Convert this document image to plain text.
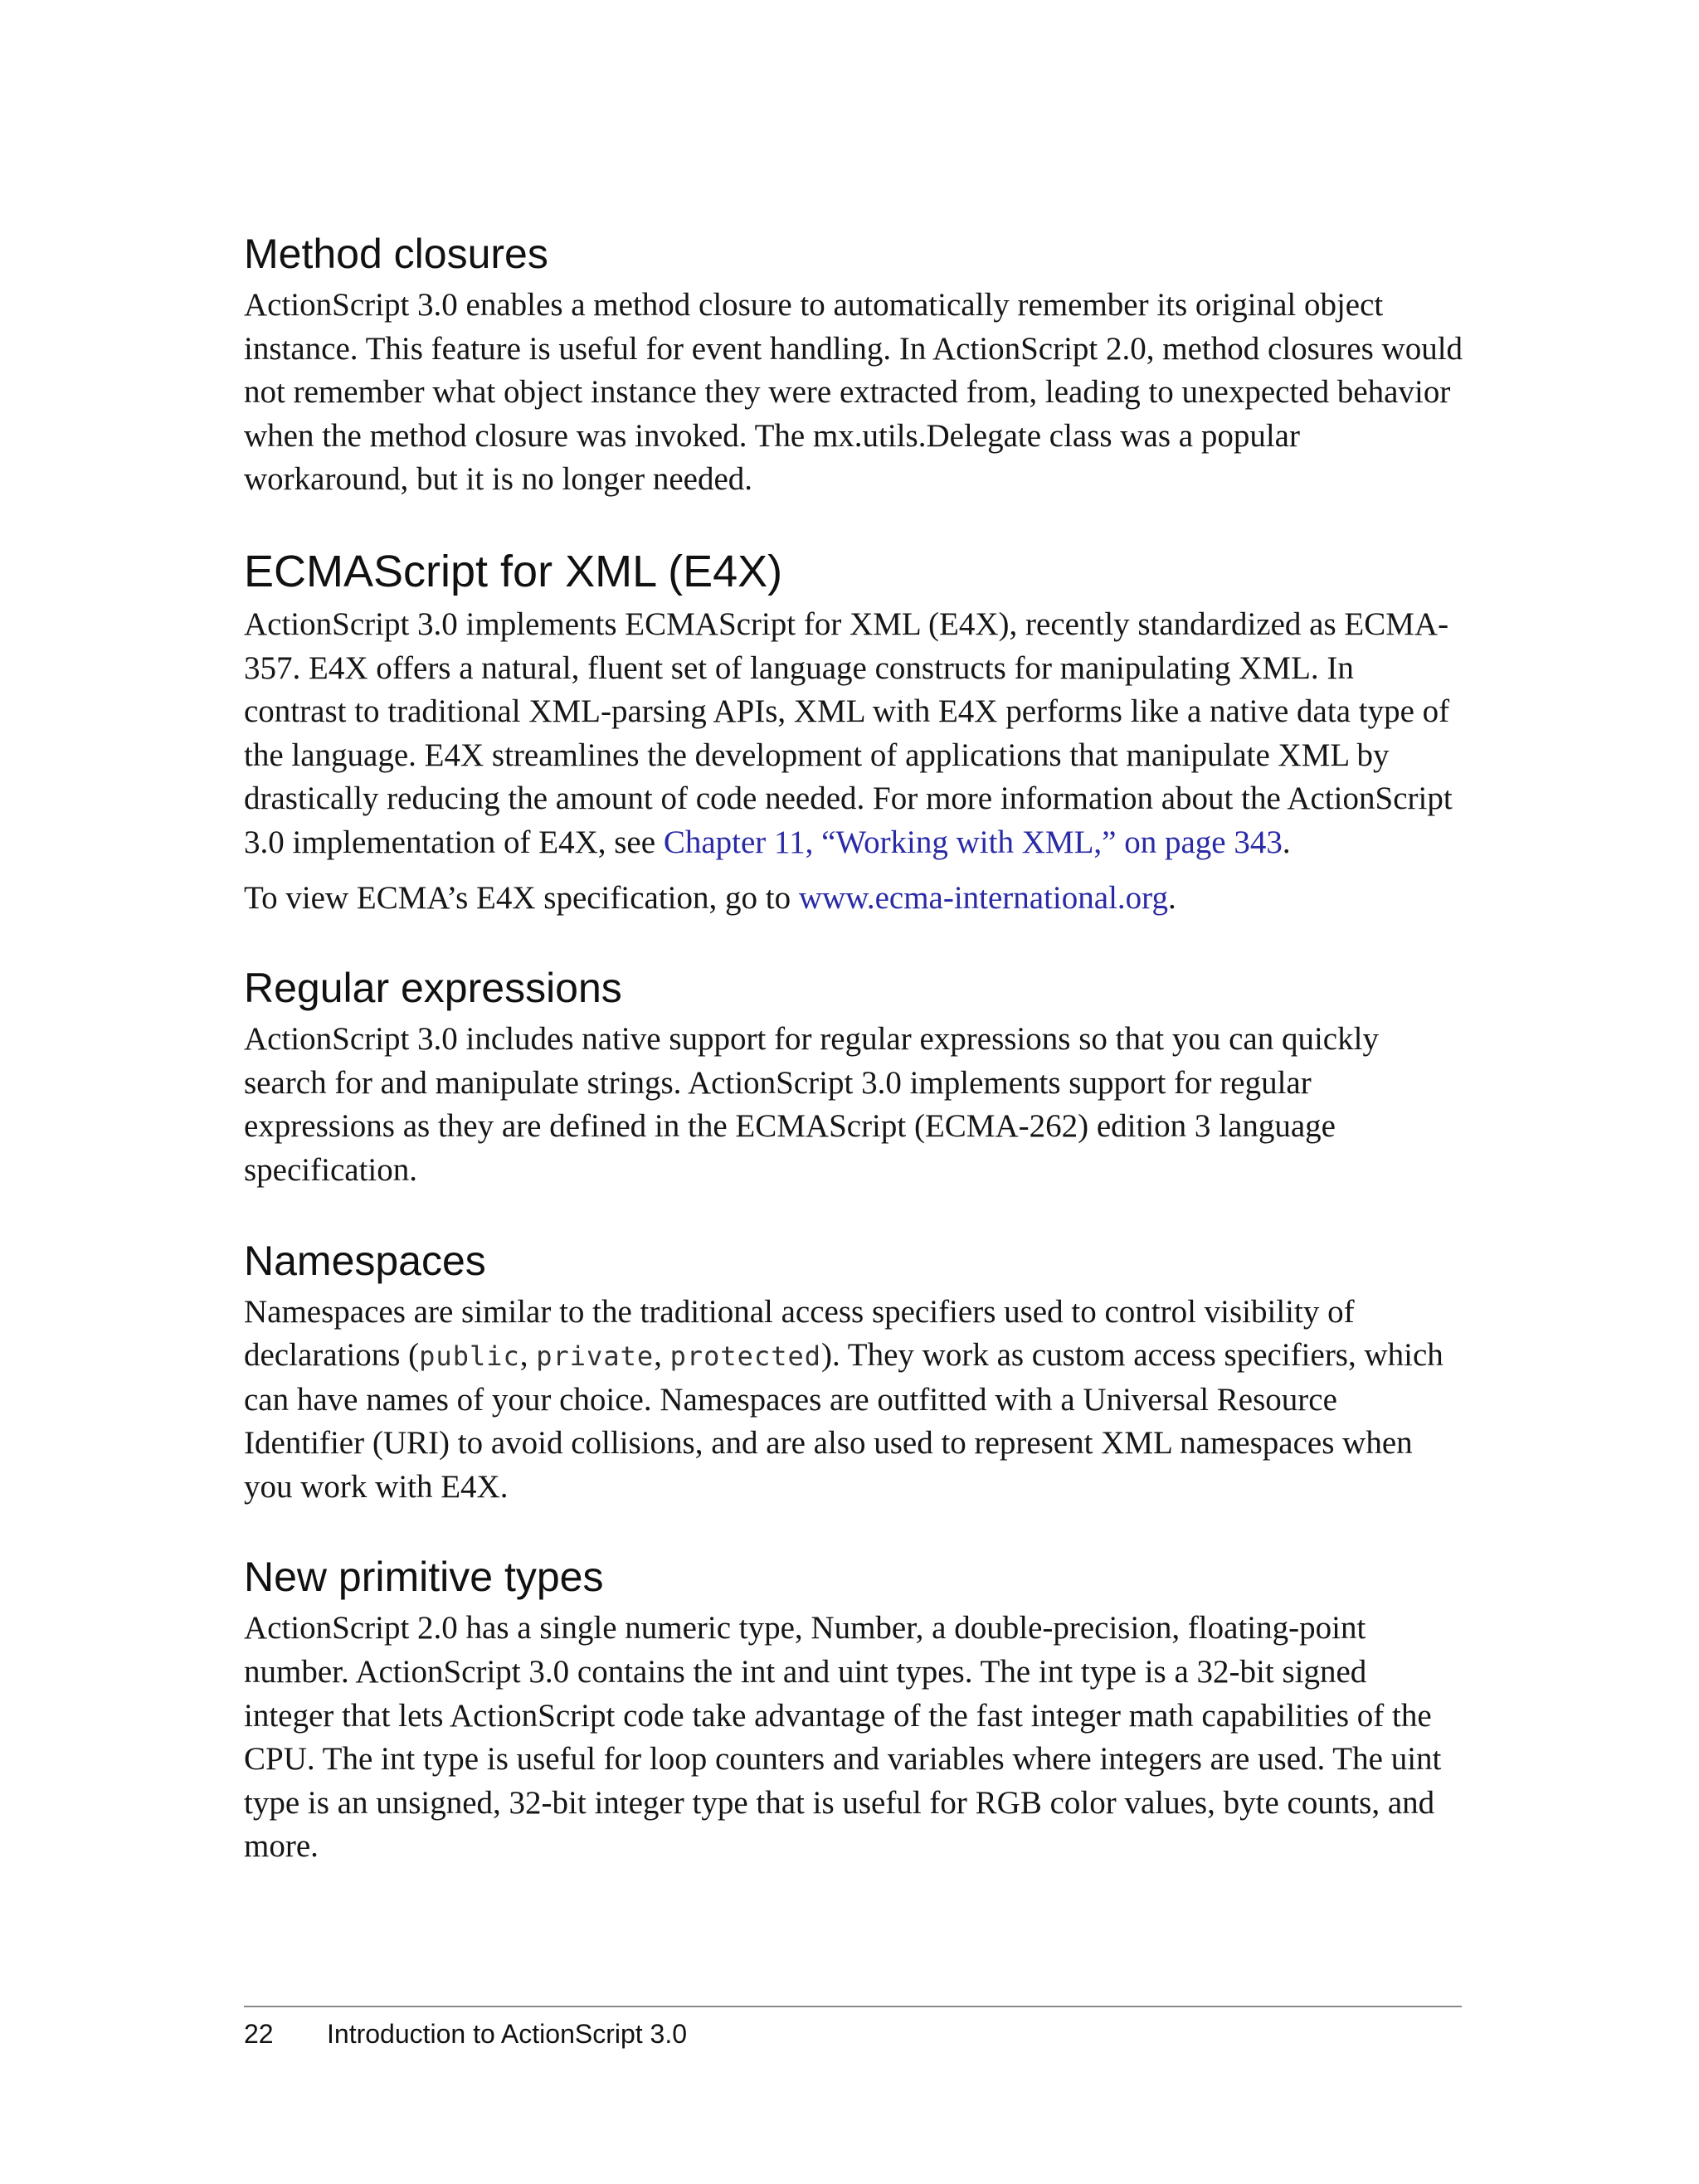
Method closures

ActionScript 3.0 enables a method closure to automatically remember its original object instance. This feature is useful for event handling. In ActionScript 2.0, method closures would not remember what object instance they were extracted from, leading to unexpected behavior when the method closure was invoked. The mx.utils.Delegate class was a popular workaround, but it is no longer needed.

ECMAScript for XML (E4X)

ActionScript 3.0 implements ECMAScript for XML (E4X), recently standardized as ECMA-357. E4X offers a natural, fluent set of language constructs for manipulating XML. In contrast to traditional XML-parsing APIs, XML with E4X performs like a native data type of the language. E4X streamlines the development of applications that manipulate XML by drastically reducing the amount of code needed. For more information about the ActionScript 3.0 implementation of E4X, see Chapter 11, “Working with XML,” on page 343.

To view ECMA’s E4X specification, go to www.ecma-international.org.

Regular expressions

ActionScript 3.0 includes native support for regular expressions so that you can quickly search for and manipulate strings. ActionScript 3.0 implements support for regular expressions as they are defined in the ECMAScript (ECMA-262) edition 3 language specification.

Namespaces

Namespaces are similar to the traditional access specifiers used to control visibility of declarations (public, private, protected). They work as custom access specifiers, which can have names of your choice. Namespaces are outfitted with a Universal Resource Identifier (URI) to avoid collisions, and are also used to represent XML namespaces when you work with E4X.

New primitive types

ActionScript 2.0 has a single numeric type, Number, a double-precision, floating-point number. ActionScript 3.0 contains the int and uint types. The int type is a 32-bit signed integer that lets ActionScript code take advantage of the fast integer math capabilities of the CPU. The int type is useful for loop counters and variables where integers are used. The uint type is an unsigned, 32-bit integer type that is useful for RGB color values, byte counts, and more.

22 Introduction to ActionScript 3.0
